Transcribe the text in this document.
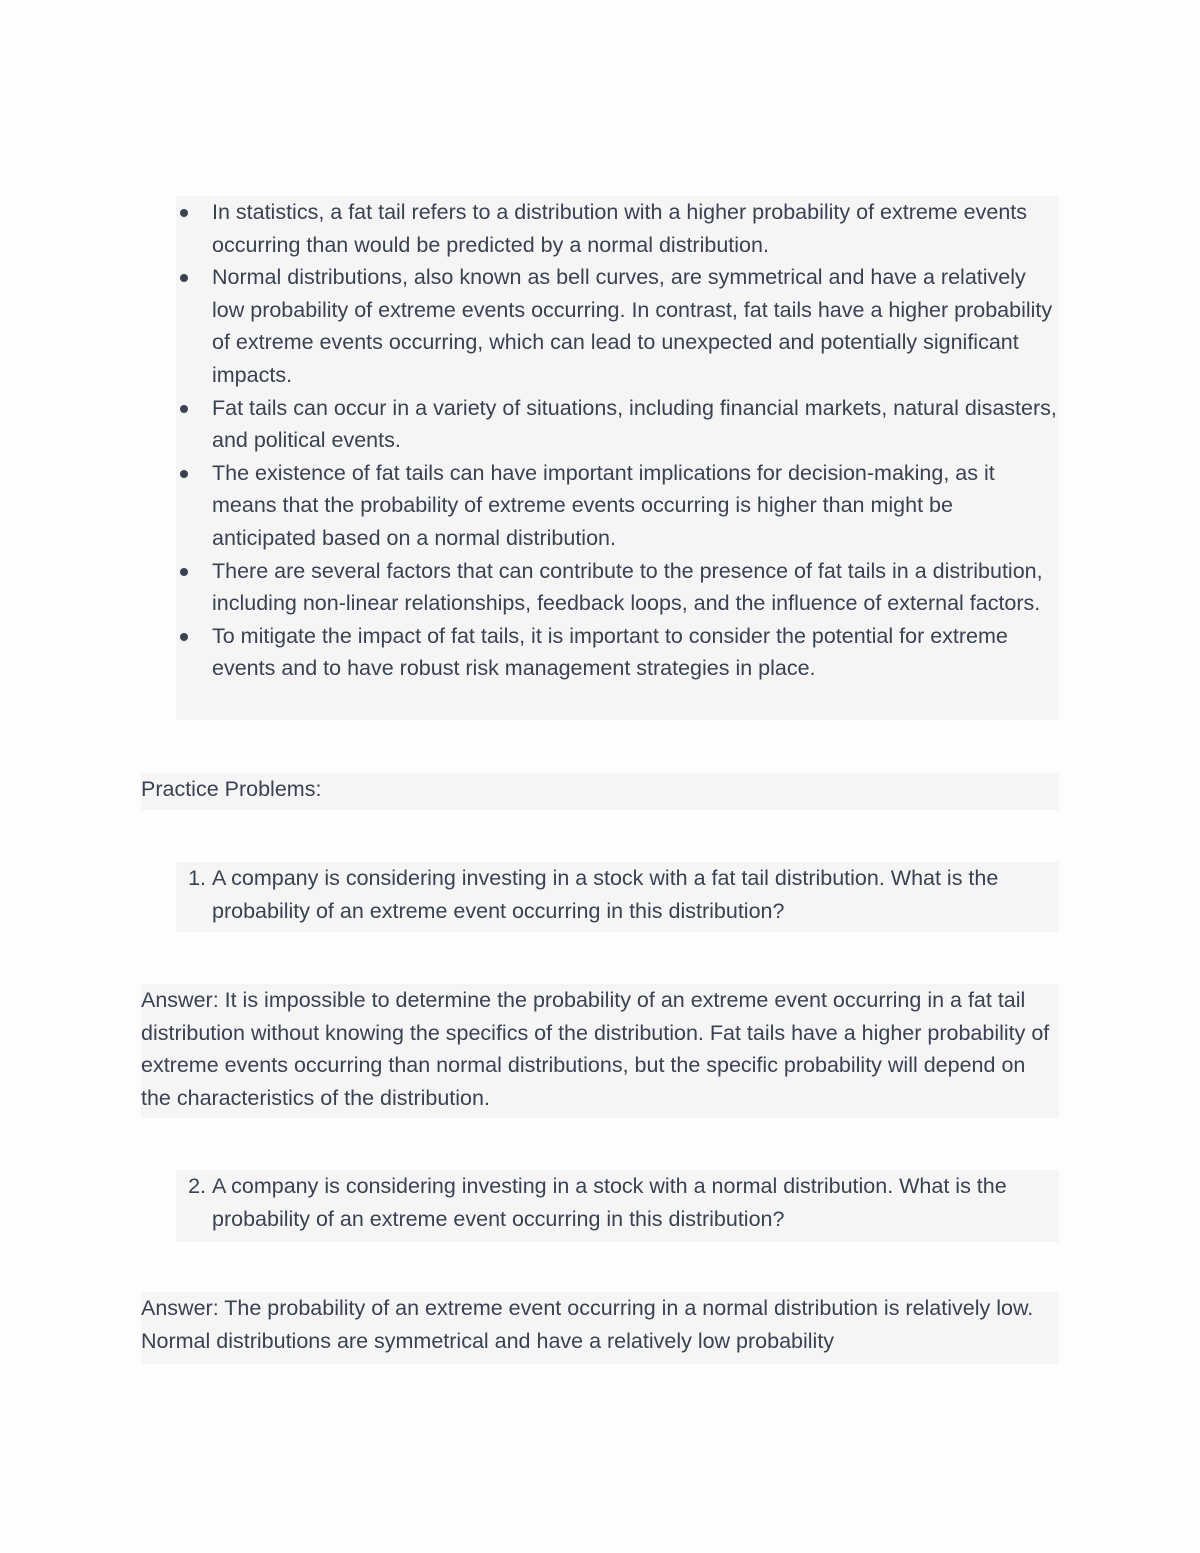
In statistics, a fat tail refers to a distribution with a higher probability of extreme events occurring than would be predicted by a normal distribution.
Normal distributions, also known as bell curves, are symmetrical and have a relatively low probability of extreme events occurring. In contrast, fat tails have a higher probability of extreme events occurring, which can lead to unexpected and potentially significant impacts.
Fat tails can occur in a variety of situations, including financial markets, natural disasters, and political events.
The existence of fat tails can have important implications for decision-making, as it means that the probability of extreme events occurring is higher than might be anticipated based on a normal distribution.
There are several factors that can contribute to the presence of fat tails in a distribution, including non-linear relationships, feedback loops, and the influence of external factors.
To mitigate the impact of fat tails, it is important to consider the potential for extreme events and to have robust risk management strategies in place.
Practice Problems:
1. A company is considering investing in a stock with a fat tail distribution. What is the probability of an extreme event occurring in this distribution?
Answer: It is impossible to determine the probability of an extreme event occurring in a fat tail distribution without knowing the specifics of the distribution. Fat tails have a higher probability of extreme events occurring than normal distributions, but the specific probability will depend on the characteristics of the distribution.
2. A company is considering investing in a stock with a normal distribution. What is the probability of an extreme event occurring in this distribution?
Answer: The probability of an extreme event occurring in a normal distribution is relatively low. Normal distributions are symmetrical and have a relatively low probability
